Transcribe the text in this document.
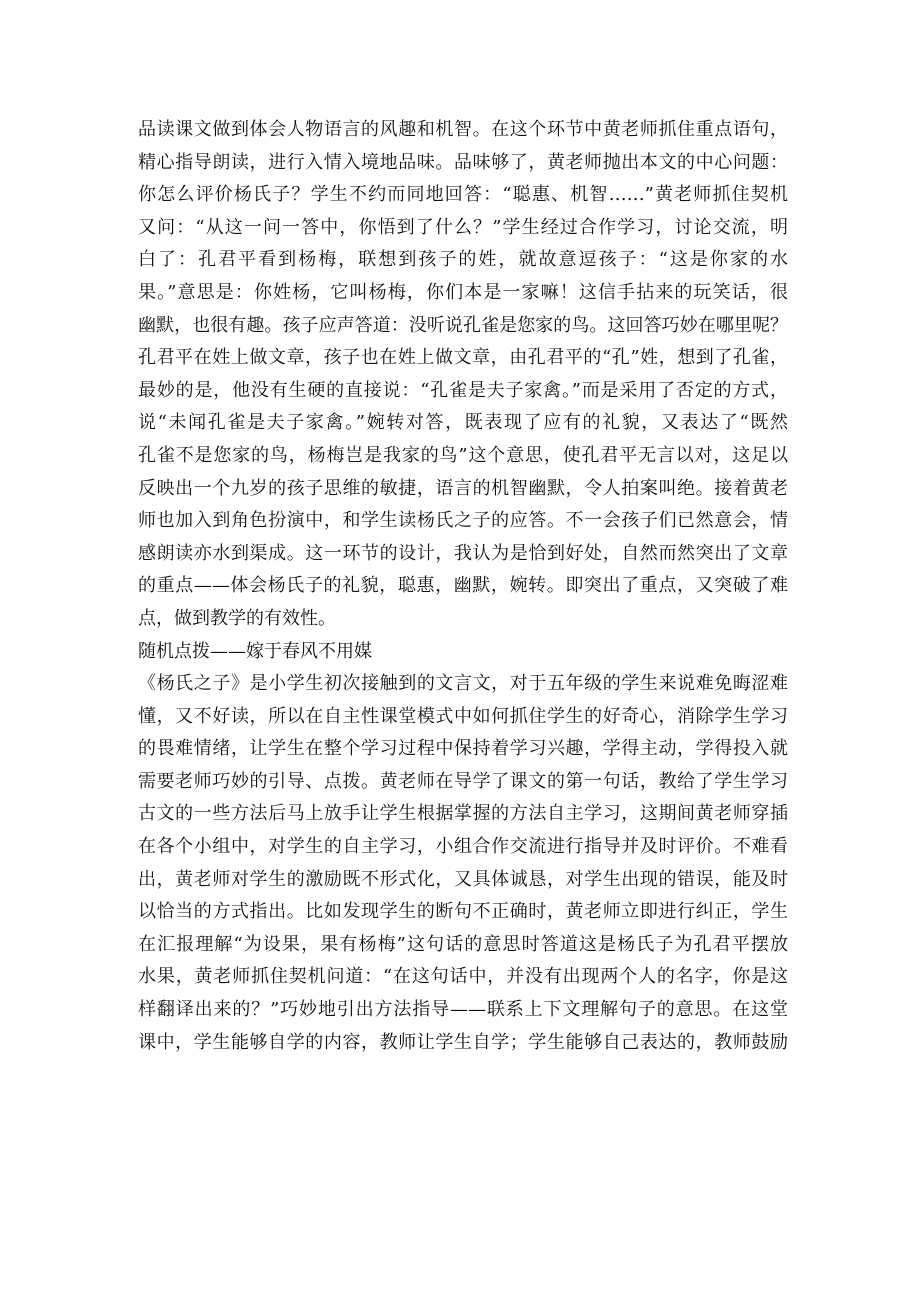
品读课文做到体会人物语言的风趣和机智。在这个环节中黄老师抓住重点语句，
精心指导朗读，进行入情入境地品味。品味够了，黄老师抛出本文的中心问题：
你怎么评价杨氏子？学生不约而同地回答：“聪惠、机智……”黄老师抓住契机
又问：“从这一问一答中，你悟到了什么？”学生经过合作学习，讨论交流，明
白了：孔君平看到杨梅，联想到孩子的姓，就故意逗孩子：“这是你家的水
果。”意思是：你姓杨，它叫杨梅，你们本是一家嘛！这信手拈来的玩笑话，很
幽默，也很有趣。孩子应声答道：没听说孔雀是您家的鸟。这回答巧妙在哪里呢？
孔君平在姓上做文章，孩子也在姓上做文章，由孔君平的“孔”姓，想到了孔雀，
最妙的是，他没有生硬的直接说：“孔雀是夫子家禽。”而是采用了否定的方式，
说“未闻孔雀是夫子家禽。”婉转对答，既表现了应有的礼貌，又表达了“既然
孔雀不是您家的鸟，杨梅岂是我家的鸟”这个意思，使孔君平无言以对，这足以
反映出一个九岁的孩子思维的敏捷，语言的机智幽默，令人拍案叫绝。接着黄老
师也加入到角色扮演中，和学生读杨氏之子的应答。不一会孩子们已然意会，情
感朗读亦水到渠成。这一环节的设计，我认为是恰到好处，自然而然突出了文章
的重点——体会杨氏子的礼貌，聪惠，幽默，婉转。即突出了重点，又突破了难
点，做到教学的有效性。
随机点拨——嫁于春风不用媒
《杨氏之子》是小学生初次接触到的文言文，对于五年级的学生来说难免晦涩难
懂，又不好读，所以在自主性课堂模式中如何抓住学生的好奇心，消除学生学习
的畏难情绪，让学生在整个学习过程中保持着学习兴趣，学得主动，学得投入就
需要老师巧妙的引导、点拨。黄老师在导学了课文的第一句话，教给了学生学习
古文的一些方法后马上放手让学生根据掌握的方法自主学习，这期间黄老师穿插
在各个小组中，对学生的自主学习，小组合作交流进行指导并及时评价。不难看
出，黄老师对学生的激励既不形式化，又具体诚恳，对学生出现的错误，能及时
以恰当的方式指出。比如发现学生的断句不正确时，黄老师立即进行纠正，学生
在汇报理解“为设果，果有杨梅”这句话的意思时答道这是杨氏子为孔君平摆放
水果，黄老师抓住契机问道：“在这句话中，并没有出现两个人的名字，你是这
样翻译出来的？”巧妙地引出方法指导——联系上下文理解句子的意思。在这堂
课中，学生能够自学的内容，教师让学生自学；学生能够自己表达的，教师鼓励
